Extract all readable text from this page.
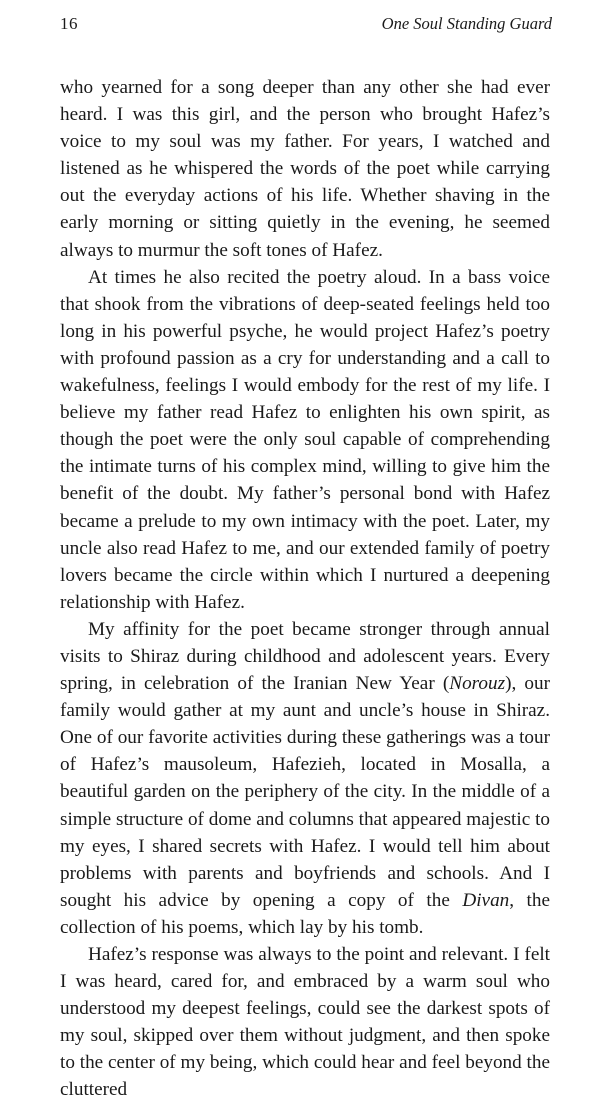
16	One Soul Standing Guard

who yearned for a song deeper than any other she had ever heard. I was this girl, and the person who brought Hafez’s voice to my soul was my father. For years, I watched and listened as he whispered the words of the poet while carrying out the everyday actions of his life. Whether shaving in the early morning or sitting quietly in the evening, he seemed always to murmur the soft tones of Hafez.

At times he also recited the poetry aloud. In a bass voice that shook from the vibrations of deep-seated feelings held too long in his powerful psyche, he would project Hafez’s poetry with profound passion as a cry for understanding and a call to wakefulness, feelings I would embody for the rest of my life. I believe my father read Hafez to enlighten his own spirit, as though the poet were the only soul capable of comprehending the intimate turns of his complex mind, willing to give him the benefit of the doubt. My father’s personal bond with Hafez became a prelude to my own intimacy with the poet. Later, my uncle also read Hafez to me, and our extended family of poetry lovers became the circle within which I nurtured a deepening relationship with Hafez.

My affinity for the poet became stronger through annual visits to Shiraz during childhood and adolescent years. Every spring, in celebration of the Iranian New Year (Norouz), our family would gather at my aunt and uncle’s house in Shiraz. One of our favorite activities during these gatherings was a tour of Hafez’s mausoleum, Hafezieh, located in Mosalla, a beautiful garden on the periphery of the city. In the middle of a simple structure of dome and columns that appeared majestic to my eyes, I shared secrets with Hafez. I would tell him about problems with parents and boyfriends and schools. And I sought his advice by opening a copy of the Divan, the collection of his poems, which lay by his tomb.

Hafez’s response was always to the point and relevant. I felt I was heard, cared for, and embraced by a warm soul who understood my deepest feelings, could see the darkest spots of my soul, skipped over them without judgment, and then spoke to the center of my being, which could hear and feel beyond the cluttered
